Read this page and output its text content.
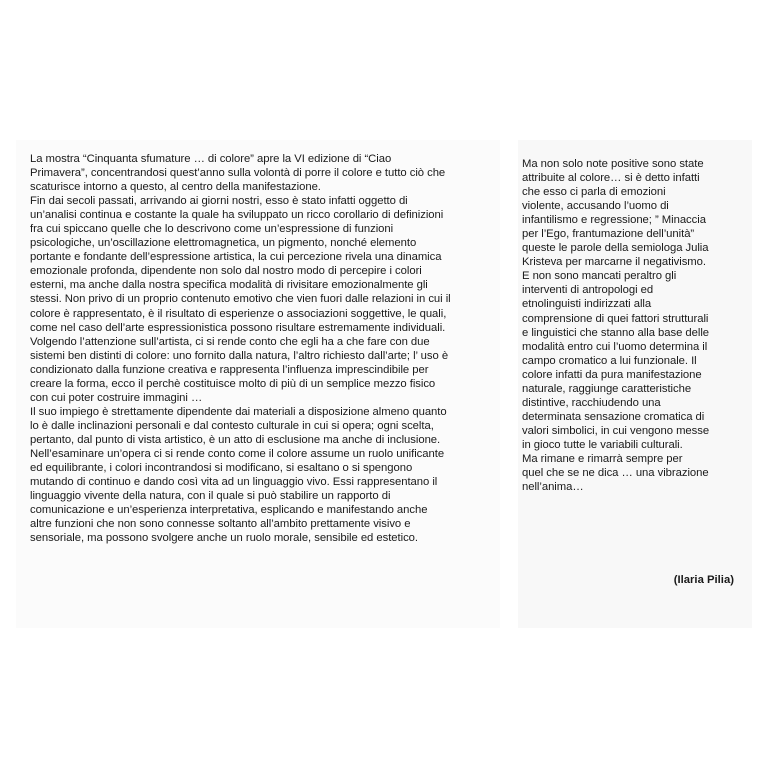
La mostra “Cinquanta sfumature … di colore” apre la VI edizione di “Ciao
Primavera”, concentrandosi quest’anno sulla volontà di porre il colore e tutto ciò che
scaturisce intorno a questo, al centro della manifestazione.
Fin dai secoli passati, arrivando ai giorni nostri, esso è stato infatti oggetto di
un’analisi continua e costante la quale ha sviluppato un ricco corollario di definizioni
fra cui spiccano quelle che lo descrivono come un’espressione di funzioni
psicologiche, un’oscillazione elettromagnetica, un pigmento, nonché elemento
portante e fondante dell’espressione artistica, la cui percezione rivela una dinamica
emozionale profonda, dipendente non solo dal nostro modo di percepire i colori
esterni, ma anche dalla nostra specifica modalità di rivisitare emozionalmente gli
stessi. Non privo di un proprio contenuto emotivo che vien fuori dalle relazioni in cui il
colore è rappresentato, è il risultato di esperienze o associazioni soggettive, le quali,
come nel caso dell’arte espressionistica possono risultare estremamente individuali.
Volgendo l’attenzione sull’artista, ci si rende conto che egli ha a che fare con due
sistemi ben distinti di colore: uno fornito dalla natura, l’altro richiesto dall’arte; l’ uso è
condizionato dalla funzione creativa e rappresenta l’influenza imprescindibile per
creare la forma, ecco il perchè costituisce molto di più di un semplice mezzo fisico
con cui poter costruire immagini …
Il suo impiego è strettamente dipendente dai materiali a disposizione almeno quanto
lo è dalle inclinazioni personali e dal contesto culturale in cui si opera; ogni scelta,
pertanto, dal punto di vista artistico, è un atto di esclusione ma anche di inclusione.
Nell’esaminare un’opera ci si rende conto come il colore assume un ruolo unificante
ed equilibrante, i colori incontrandosi si modificano, si esaltano o si spengono
mutando di continuo e dando così vita ad un linguaggio vivo. Essi rappresentano il
linguaggio vivente della natura, con il quale si può stabilire un rapporto di
comunicazione e un’esperienza interpretativa, esplicando e manifestando anche
altre funzioni che non sono connesse soltanto all’ambito prettamente visivo e
sensoriale, ma possono svolgere anche un ruolo morale, sensibile ed estetico.
Ma non solo note positive sono state
attribuite al colore… si è detto infatti
che esso ci parla di emozioni
violente, accusando l’uomo di
infantilismo e regressione; ” Minaccia
per l’Ego, frantumazione dell’unità”
queste le parole della semiologa Julia
Kristeva per marcarne il negativismo.
E non sono mancati peraltro gli
interventi di antropologi ed
etnolinguisti indirizzati alla
comprensione di quei fattori strutturali
e linguistici che stanno alla base delle
modalità entro cui l’uomo determina il
campo cromatico a lui funzionale. Il
colore infatti da pura manifestazione
naturale, raggiunge caratteristiche
distintive, racchiudendo una
determinata sensazione cromatica di
valori simbolici, in cui vengono messe
in gioco tutte le variabili culturali.
Ma rimane e rimarrà sempre per
quel che se ne dica … una vibrazione
nell’anima…
(Ilaria Pilia)
